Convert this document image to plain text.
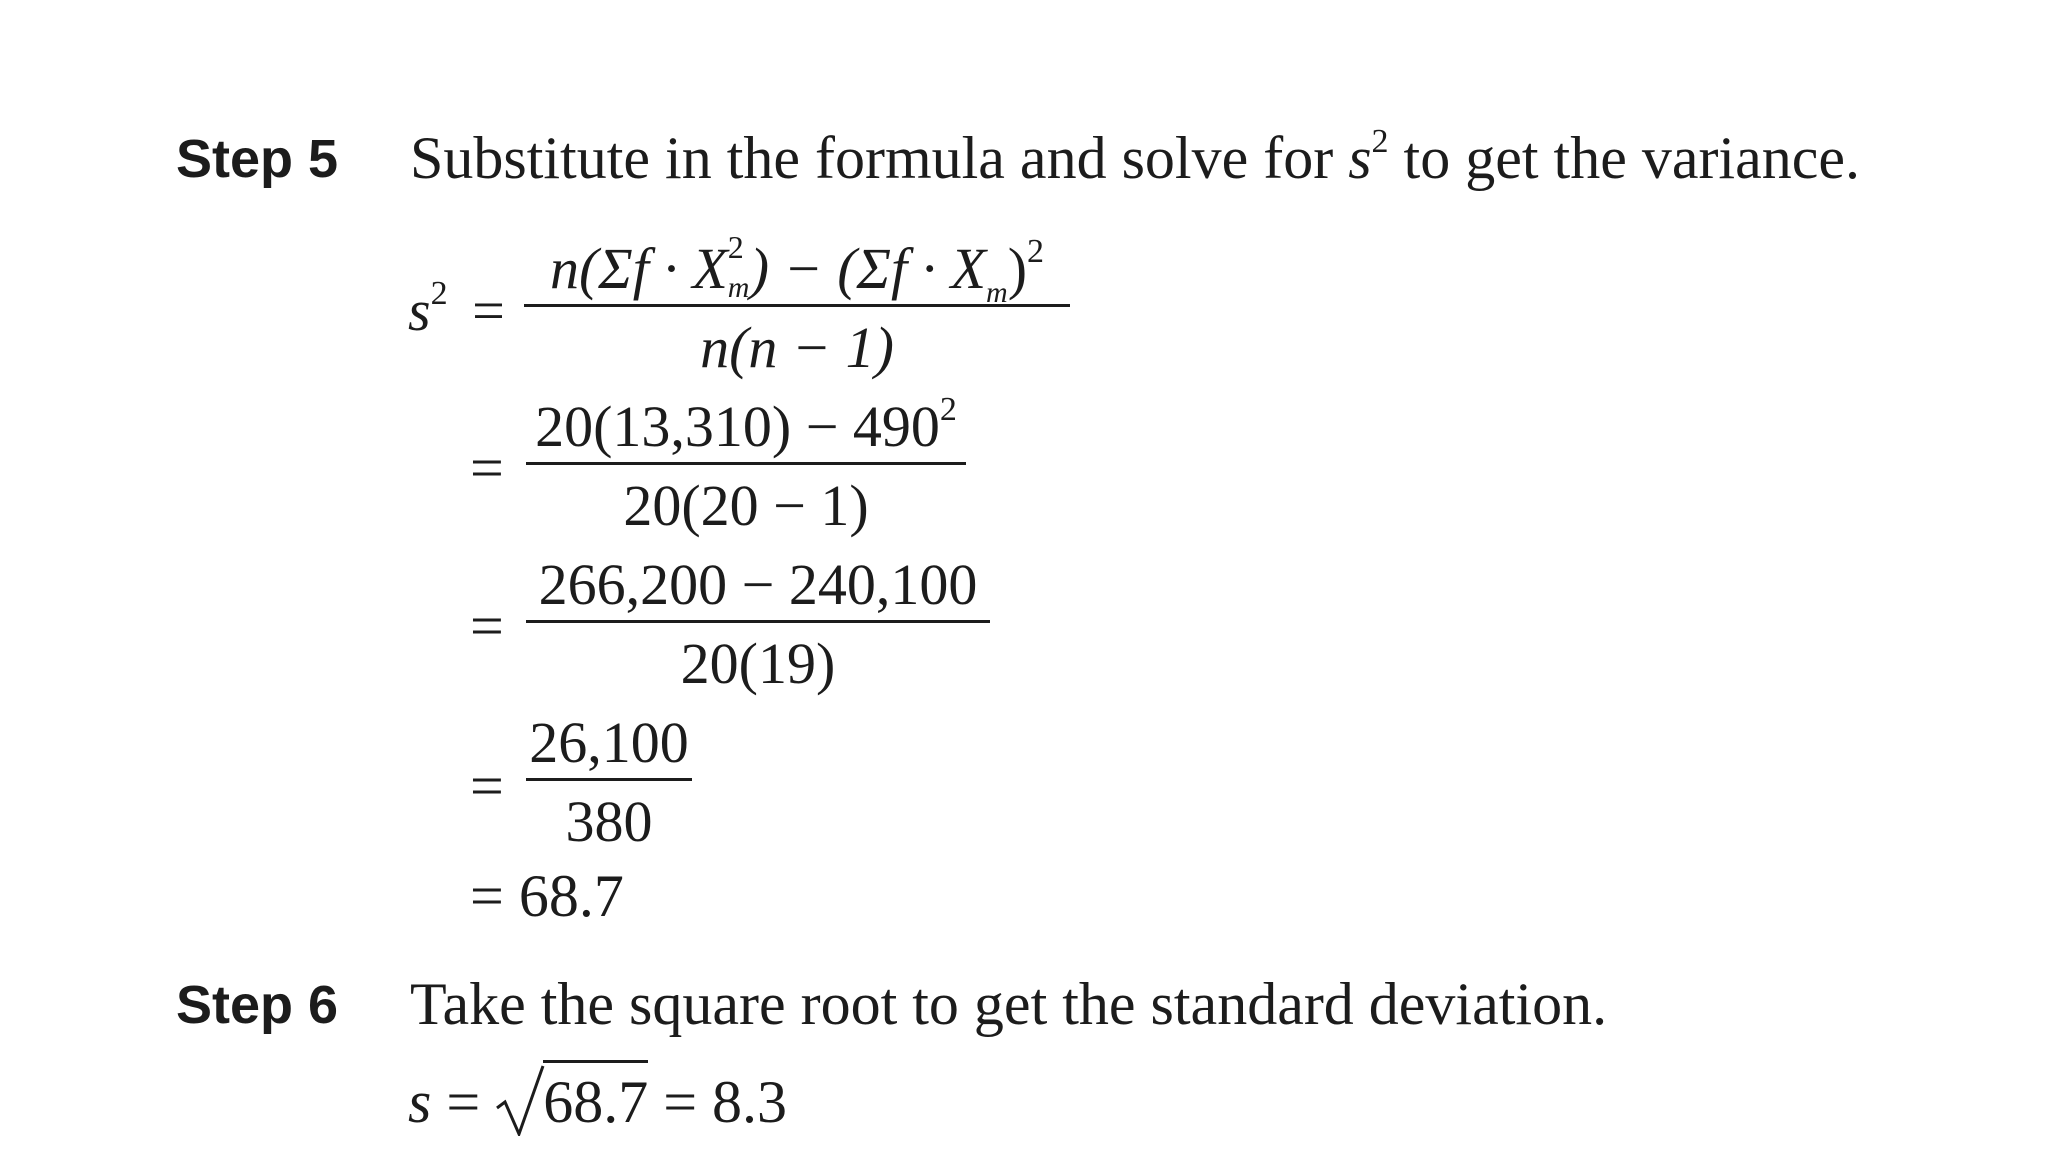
Step 5 Substitute in the formula and solve for $s^2$ to get the variance.
$s^2$ =
n(Σf · X 2
m ) − $(\Sigma f \cdot X_m)^2$
n(n − 1)
=
$20(13,310) - 490^2$
20(20 − 1)
=
266,200 − 240,100
20(19)
=
26,100
380
= 68.7
Step 6 Take the square root to get the standard deviation.
s =
68.7 = 8.3
